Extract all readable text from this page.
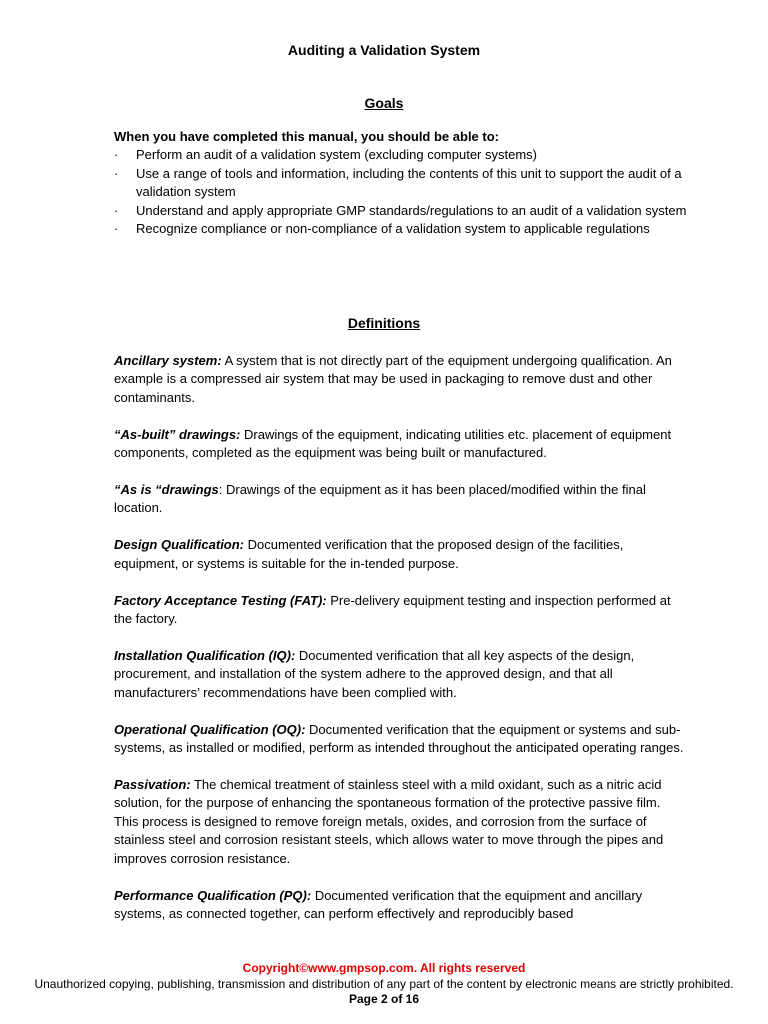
Auditing a Validation System
Goals
When you have completed this manual, you should be able to:
· Perform an audit of a validation system (excluding computer systems)
· Use a range of tools and information, including the contents of this unit to support the audit of a validation system
· Understand and apply appropriate GMP standards/regulations to an audit of a validation system
· Recognize compliance or non-compliance of a validation system to applicable regulations
Definitions

Ancillary system: A system that is not directly part of the equipment undergoing qualification. An example is a compressed air system that may be used in packaging to remove dust and other contaminants.

“As-built” drawings: Drawings of the equipment, indicating utilities etc. placement of equipment components, completed as the equipment was being built or manufactured.

“As is “drawings: Drawings of the equipment as it has been placed/modified within the final location.

Design Qualification: Documented verification that the proposed design of the facilities, equipment, or systems is suitable for the in-tended purpose.

Factory Acceptance Testing (FAT): Pre-delivery equipment testing and inspection performed at the factory.

Installation Qualification (IQ): Documented verification that all key aspects of the design, procurement, and installation of the system adhere to the approved design, and that all manufacturers’ recommendations have been complied with.

Operational Qualification (OQ): Documented verification that the equipment or systems and sub-systems, as installed or modified, perform as intended throughout the anticipated operating ranges.

Passivation: The chemical treatment of stainless steel with a mild oxidant, such as a nitric acid solution, for the purpose of enhancing the spontaneous formation of the protective passive film. This process is designed to remove foreign metals, oxides, and corrosion from the surface of stainless steel and corrosion resistant steels, which allows water to move through the pipes and improves corrosion resistance.

Performance Qualification (PQ): Documented verification that the equipment and ancillary systems, as connected together, can perform effectively and reproducibly based

Copyright©www.gmpsop.com. All rights reserved
Unauthorized copying, publishing, transmission and distribution of any part of the content by electronic means are strictly prohibited.
Page 2 of 16
